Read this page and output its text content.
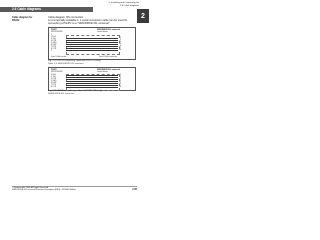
2. Installing and Connecting Up
2.6 Cable diagrams
2.6 Cable diagrams
2
Cable diagram for
RS232
Cable diagram, RS connection
A commercially available 1: 1 serial connection cable can be used for
connecting a PG/PC to a "SIMODRIVE 611 universal".
PG/PC
RS232/RS485
SIMODRIVE 611 universal
control board
1
2 RxD
3 TxD
4 DTR
5 GND
6 DSR
7 RTS
8 CTS
9
2
3
4
5
6
7
8
9-pin D-Sub socket	9-pin D-Sub connector
Fig. 2-10 RS232 connecting cable with PG/PC (9-way)
Table 2-3 SIMODRIVE 611 universal
PG/PC
RS232/RS485
SIMODRIVE 611 universal
control board
2 RxD
3 TxD
4 DTR
5 GND
6 DSR
7 RTS
8 CTS
2
3
4
5
6
7
8
Fig. 2-11 RS232 connecting cable with PG/PC (25-way)
SIMODRIVE 611 universal
© Siemens AG 2003 All Rights Reserved
SIMODRIVE 611 universal Function Description (FBU) - 05/2003 Edition	2-85
